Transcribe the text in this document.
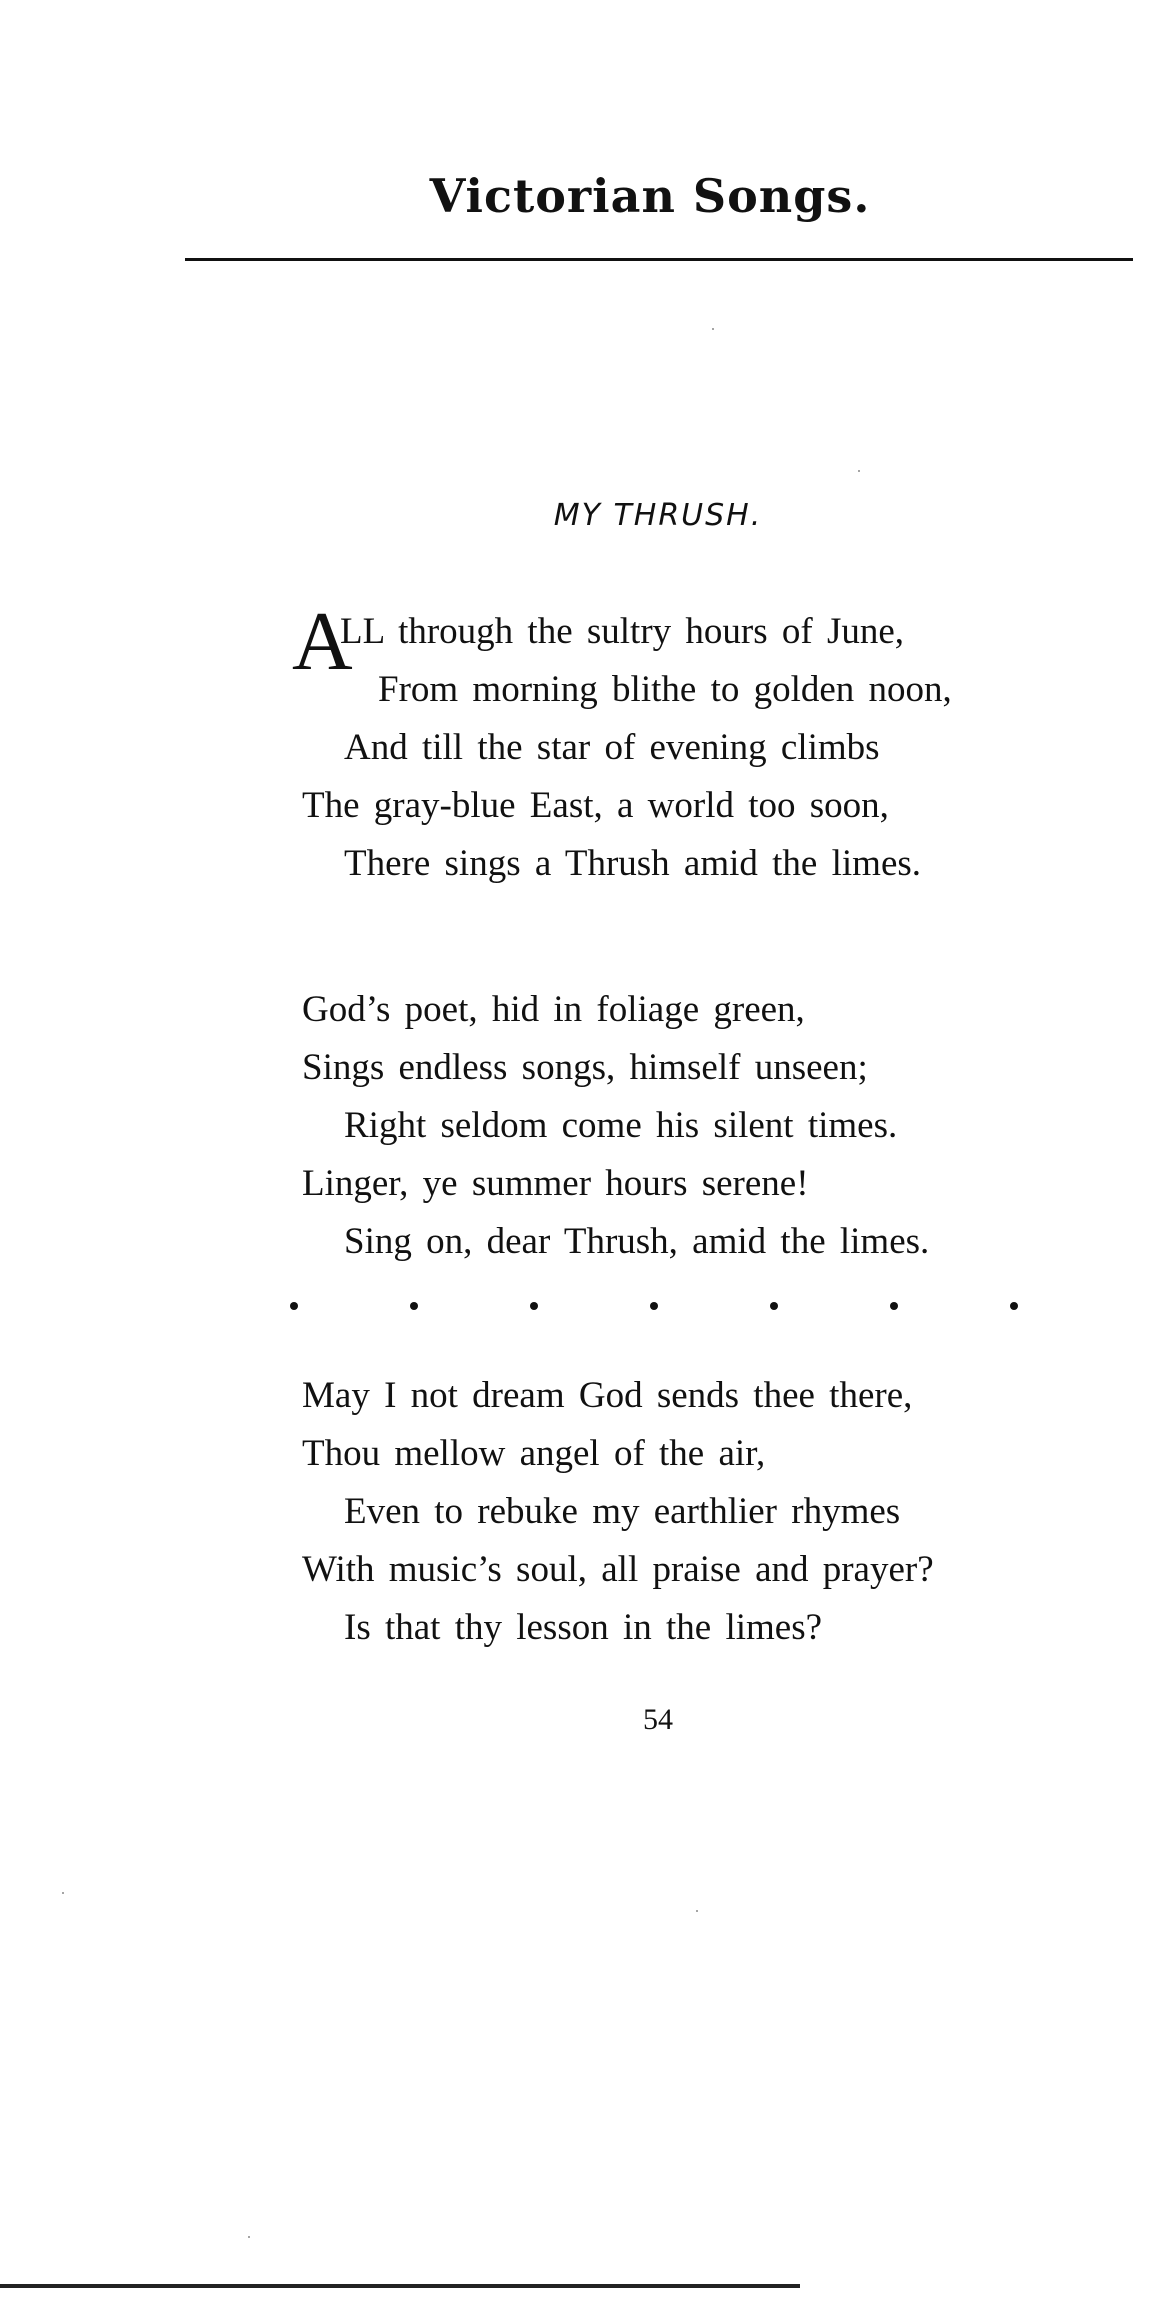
Victorian Songs.
MY THRUSH.
A
LL through the sultry hours of June,
From morning blithe to golden noon,
And till the star of evening climbs
The gray-blue East, a world too soon,
There sings a Thrush amid the limes.
God’s poet, hid in foliage green,
Sings endless songs, himself unseen;
Right seldom come his silent times.
Linger, ye summer hours serene!
Sing on, dear Thrush, amid the limes.
May I not dream God sends thee there,
Thou mellow angel of the air,
Even to rebuke my earthlier rhymes
With music’s soul, all praise and prayer?
Is that thy lesson in the limes?
54
